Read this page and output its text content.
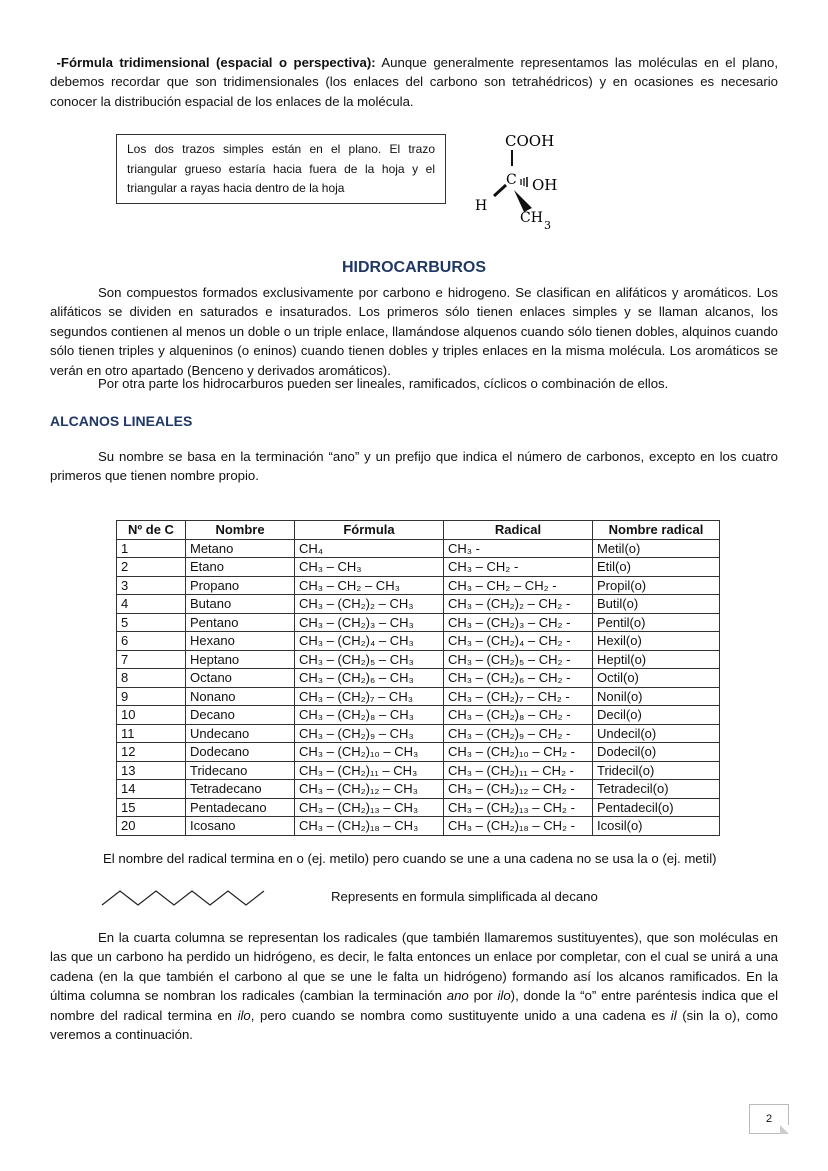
-Fórmula tridimensional (espacial o perspectiva): Aunque generalmente representamos las moléculas en el plano, debemos recordar que son tridimensionales (los enlaces del carbono son tetrahédricos) y en ocasiones es necesario conocer la distribución espacial de los enlaces de la molécula.
Los dos trazos simples están en el plano. El trazo triangular grueso estaría hacia fuera de la hoja y el triangular a rayas hacia dentro de la hoja
COOH
C OH
H
CH 3
HIDROCARBUROS
Son compuestos formados exclusivamente por carbono e hidrogeno. Se clasifican en alifáticos y aromáticos. Los alifáticos se dividen en saturados e insaturados. Los primeros sólo tienen enlaces simples y se llaman alcanos, los segundos contienen al menos un doble o un triple enlace, llamándose alquenos cuando sólo tienen dobles, alquinos cuando sólo tienen triples y alqueninos (o eninos) cuando tienen dobles y triples enlaces en la misma molécula. Los aromáticos se verán en otro apartado (Benceno y derivados aromáticos).
Por otra parte los hidrocarburos pueden ser lineales, ramificados, cíclicos o combinación de ellos.
ALCANOS LINEALES
Su nombre se basa en la terminación “ano” y un prefijo que indica el número de carbonos, excepto en los cuatro primeros que tienen nombre propio.
Nº de C	Nombre	Fórmula	Radical	Nombre radical
1	Metano	CH₄	CH₃ -	Metil(o)
2	Etano	CH₃ – CH₃	CH₃ – CH₂ -	Etil(o)
3	Propano	CH₃ – CH₂ – CH₃	CH₃ – CH₂ – CH₂ -	Propil(o)
4	Butano	CH₃ – (CH₂)₂ – CH₃	CH₃ – (CH₂)₂ – CH₂ -	Butil(o)
5	Pentano	CH₃ – (CH₂)₃ – CH₃	CH₃ – (CH₂)₃ – CH₂ -	Pentil(o)
6	Hexano	CH₃ – (CH₂)₄ – CH₃	CH₃ – (CH₂)₄ – CH₂ -	Hexil(o)
7	Heptano	CH₃ – (CH₂)₅ – CH₃	CH₃ – (CH₂)₅ – CH₂ -	Heptil(o)
8	Octano	CH₃ – (CH₂)₆ – CH₃	CH₃ – (CH₂)₆ – CH₂ -	Octil(o)
9	Nonano	CH₃ – (CH₂)₇ – CH₃	CH₃ – (CH₂)₇ – CH₂ -	Nonil(o)
10	Decano	CH₃ – (CH₂)₈ – CH₃	CH₃ – (CH₂)₈ – CH₂ -	Decil(o)
11	Undecano	CH₃ – (CH₂)₉ – CH₃	CH₃ – (CH₂)₉ – CH₂ -	Undecil(o)
12	Dodecano	CH₃ – (CH₂)₁₀ – CH₃	CH₃ – (CH₂)₁₀ – CH₂ -	Dodecil(o)
13	Tridecano	CH₃ – (CH₂)₁₁ – CH₃	CH₃ – (CH₂)₁₁ – CH₂ -	Tridecil(o)
14	Tetradecano	CH₃ – (CH₂)₁₂ – CH₃	CH₃ – (CH₂)₁₂ – CH₂ -	Tetradecil(o)
15	Pentadecano	CH₃ – (CH₂)₁₃ – CH₃	CH₃ – (CH₂)₁₃ – CH₂ -	Pentadecil(o)
20	Icosano	CH₃ – (CH₂)₁₈ – CH₃	CH₃ – (CH₂)₁₈ – CH₂ -	Icosil(o)
El nombre del radical termina en o (ej. metilo) pero cuando se une a una cadena no se usa la o (ej. metil)
Represents en formula simplificada al decano
En la cuarta columna se representan los radicales (que también llamaremos sustituyentes), que son moléculas en las que un carbono ha perdido un hidrógeno, es decir, le falta entonces un enlace por completar, con el cual se unirá a una cadena (en la que también el carbono al que se une le falta un hidrógeno) formando así los alcanos ramificados. En la última columna se nombran los radicales (cambian la terminación ano por ilo), donde la “o” entre paréntesis indica que el nombre del radical termina en ilo, pero cuando se nombra como sustituyente unido a una cadena es il (sin la o), como veremos a continuación.
2
